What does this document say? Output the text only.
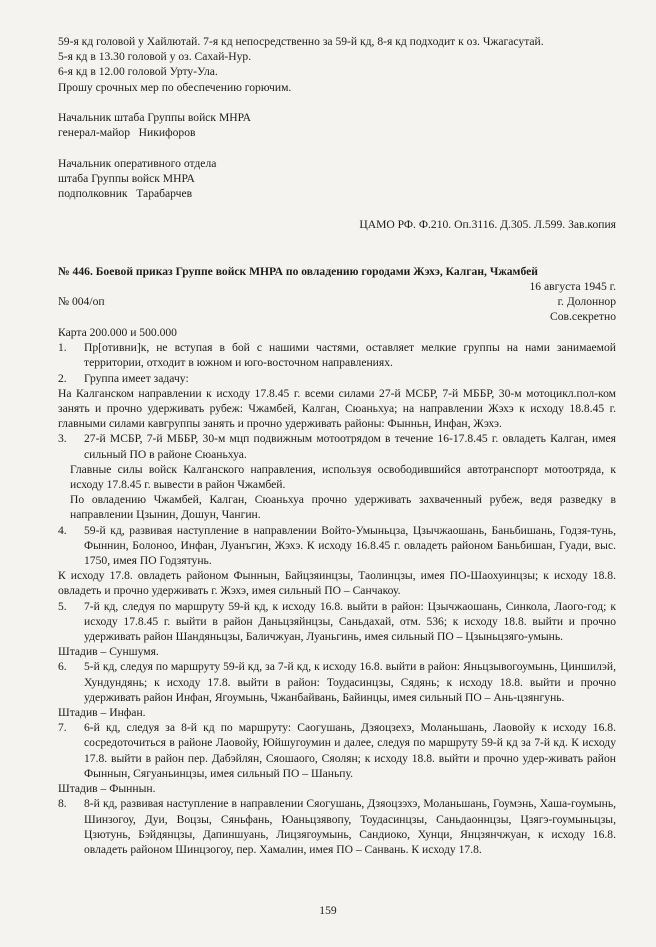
59-я кд головой у Хайлютай. 7-я кд непосредственно за 59-й кд, 8-я кд подходит к оз. Чжагасутай.
5-я кд в 13.30 головой у оз. Сахай-Нур.
6-я кд в 12.00 головой Урту-Ула.
Прошу срочных мер по обеспечению горючим.
Начальник штаба Группы войск МНРА
генерал-майор   Никифоров
Начальник оперативного отдела
штаба Группы войск МНРА
подполковник   Тарабарчев
ЦАМО РФ. Ф.210. Оп.3116. Д.305. Л.599. Зав.копия
№ 446. Боевой приказ Группе войск МНРА по овладению городами Жэхэ, Калган, Чжамбей
16 августа 1945 г.
№ 004/оп	г. Долоннор
Сов.секретно
Карта 200.000 и 500.000
1. Пр[отивни]к, не вступая в бой с нашими частями, оставляет мелкие группы на нами занимаемой территории, отходит в южном и юго-восточном направлениях.
2. Группа имеет задачу:
На Калганском направлении к исходу 17.8.45 г. всеми силами 27-й МСБР, 7-й МББР, 30-м мотоцикл.пол-ком занять и прочно удерживать рубеж: Чжамбей, Калган, Сюаньхуа; на направлении Жэхэ к исходу 18.8.45 г. главными силами кавгруппы занять и прочно удерживать районы: Фынньн, Инфан, Жэхэ.
3. 27-й МСБР, 7-й МББР, 30-м мцп подвижным мотоотрядом в течение 16-17.8.45 г. овладеть Калган, имея сильный ПО в районе Сюаньхуа.
Главные силы войск Калганского направления, используя освободившийся автотранспорт мотоотряда, к исходу 17.8.45 г. вывести в район Чжамбей.
По овладению Чжамбей, Калган, Сюаньхуа прочно удерживать захваченный рубеж, ведя разведку в направлении Цзынин, Дошун, Чангин.
4. 59-й кд, развивая наступление в направлении Войто-Умыньцза, Цзычжаошань, Баньбишань, Годзя-тунь, Фыннин, Болоноо, Инфан, Луанъгин, Жэхэ. К исходу 16.8.45 г. овладеть районом Баньбишан, Гуади, выс. 1750, имея ПО Годзятунь.
К исходу 17.8. овладеть районом Фыннын, Байцзяинцзы, Таолинцзы, имея ПО-Шаохуинцзы; к исходу 18.8. овладеть и прочно удерживать г. Жэхэ, имея сильный ПО – Санчакоу.
5. 7-й кд, следуя по маршруту 59-й кд, к исходу 16.8. выйти в район: Цзычжаошань, Синкола, Лаого-год; к исходу 17.8.45 г. выйти в район Даньцзяйнцзы, Саньдахай, отм. 536; к исходу 18.8. выйти и прочно удерживать район Шандяньцзы, Баличжуан, Луаньгинь, имея сильный ПО – Цзыньцзяго-умынь.
Штадив – Суншумя.
6. 5-й кд, следуя по маршруту 59-й кд, за 7-й кд, к исходу 16.8. выйти в район: Яньцзывогоумынь, Циншилэй, Хундундянь; к исходу 17.8. выйти в район: Тоудасинцзы, Сядянь; к исходу 18.8. выйти и прочно удерживать район Инфан, Ягоумынь, Чжанбайвань, Байинцы, имея сильный ПО – Ань-цзянгунь.
Штадив – Инфан.
7. 6-й кд, следуя за 8-й кд по маршруту: Саогушань, Дзяоцзехэ, Моланьшань, Лаовойу к исходу 16.8. сосредоточиться в районе Лаовойу, Юйшугоумин и далее, следуя по маршруту 59-й кд за 7-й кд. К исходу 17.8. выйти в район пер. Дабэйлян, Сяошаого, Сяолян; к исходу 18.8. выйти и прочно удер-живать район Фыннын, Сягуаньинцзы, имея сильный ПО – Шаньпу.
Штадив – Фыннын.
8. 8-й кд, развивая наступление в направлении Сяогушань, Дзяоцзэхэ, Моланьшань, Гоумэнь, Хаша-гоумынь, Шинзогоу, Дуи, Воцзы, Сяньфань, Юаньцзявопу, Тоудасинцзы, Саньдаоннцзы, Цзягэ-гоумыньцзы, Цзютунь, Бэйдянцзы, Дапиншуань, Лицзягоумынь, Сандиоко, Хунци, Янцзянчжуан, к исходу 16.8. овладеть районом Шинцзогоу, пер. Хамалин, имея ПО – Санвань. К исходу 17.8.
159
